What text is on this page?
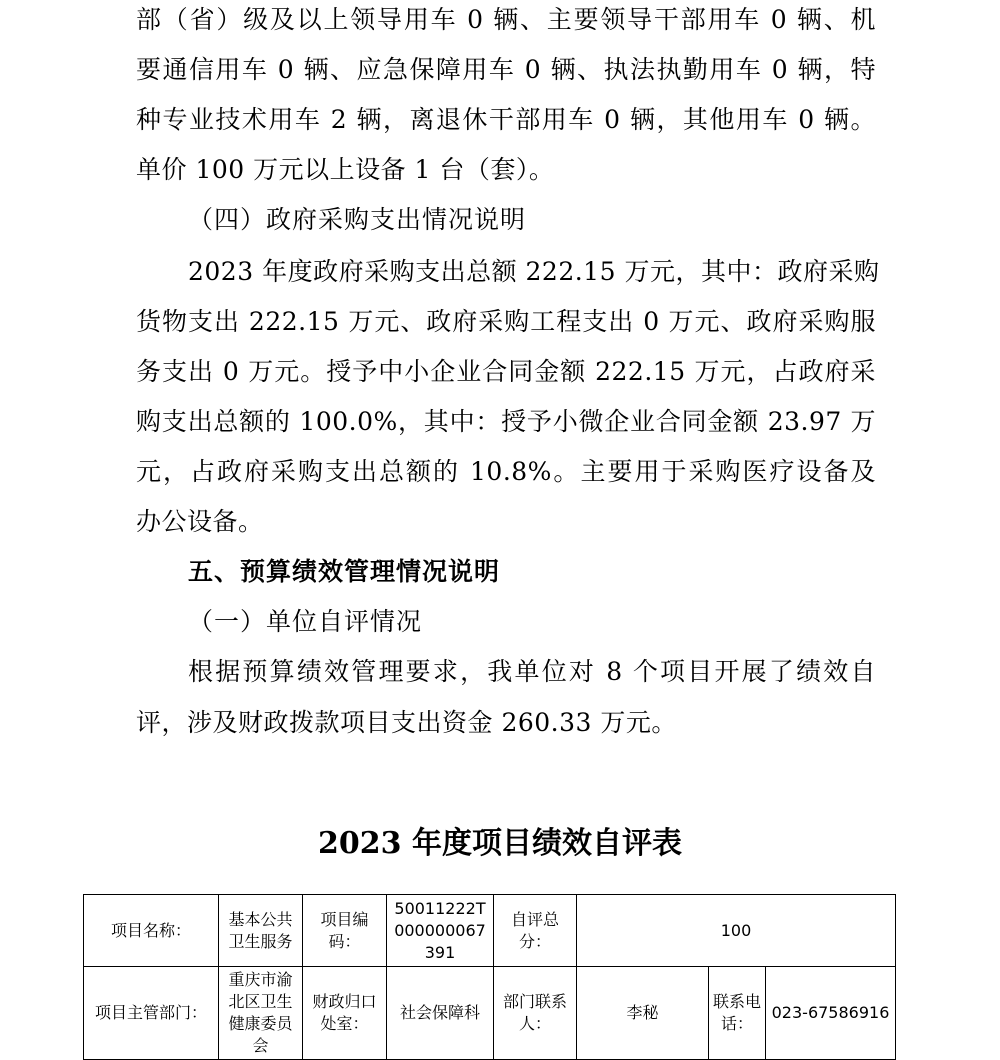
部（省）级及以上领导用车 0 辆、主要领导干部用车 0 辆、机
要通信用车 0 辆、应急保障用车 0 辆、执法执勤用车 0 辆，特
种专业技术用车 2 辆，离退休干部用车 0 辆，其他用车 0 辆。
单价 100 万元以上设备 1 台（套）。
（四）政府采购支出情况说明
2023 年度政府采购支出总额 222.15 万元，其中：政府采购
货物支出 222.15 万元、政府采购工程支出 0 万元、政府采购服
务支出 0 万元。授予中小企业合同金额 222.15 万元，占政府采
购支出总额的 100.0%，其中：授予小微企业合同金额 23.97 万
元，占政府采购支出总额的 10.8%。主要用于采购医疗设备及
办公设备。
五、预算绩效管理情况说明
（一）单位自评情况
根据预算绩效管理要求，我单位对 8 个项目开展了绩效自
评，涉及财政拨款项目支出资金 260.33 万元。
2023 年度项目绩效自评表
项目名称：	基本公共卫生服务	项目编码：	50011222T000000067391	自评总分：	100		
项目主管部门：	重庆市渝北区卫生健康委员会	财政归口处室：	社会保障科	部门联系人：	李秘	联系电话：	023-67586916
